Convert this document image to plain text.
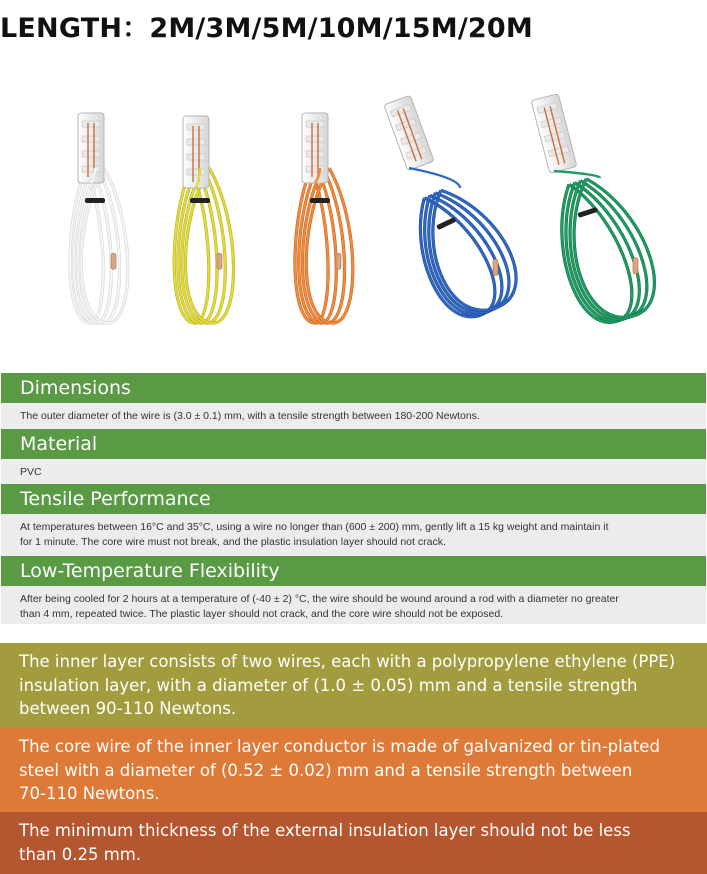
LENGTH：2M/3M/5M/10M/15M/20M
Dimensions
The outer diameter of the wire is (3.0 ± 0.1) mm, with a tensile strength between 180-200 Newtons.
Material
PVC
Tensile Performance
At temperatures between 16°C and 35°C, using a wire no longer than (600 ± 200) mm, gently lift a 15 kg weight and maintain it
for 1 minute. The core wire must not break, and the plastic insulation layer should not crack.
Low-Temperature Flexibility
After being cooled for 2 hours at a temperature of (-40 ± 2) °C, the wire should be wound around a rod with a diameter no greater
than 4 mm, repeated twice. The plastic layer should not crack, and the core wire should not be exposed.
The inner layer consists of two wires, each with a polypropylene ethylene (PPE)
insulation layer, with a diameter of (1.0 ± 0.05) mm and a tensile strength
between 90-110 Newtons.
The core wire of the inner layer conductor is made of galvanized or tin-plated
steel with a diameter of (0.52 ± 0.02) mm and a tensile strength between
70-110 Newtons.
The minimum thickness of the external insulation layer should not be less
than 0.25 mm.
